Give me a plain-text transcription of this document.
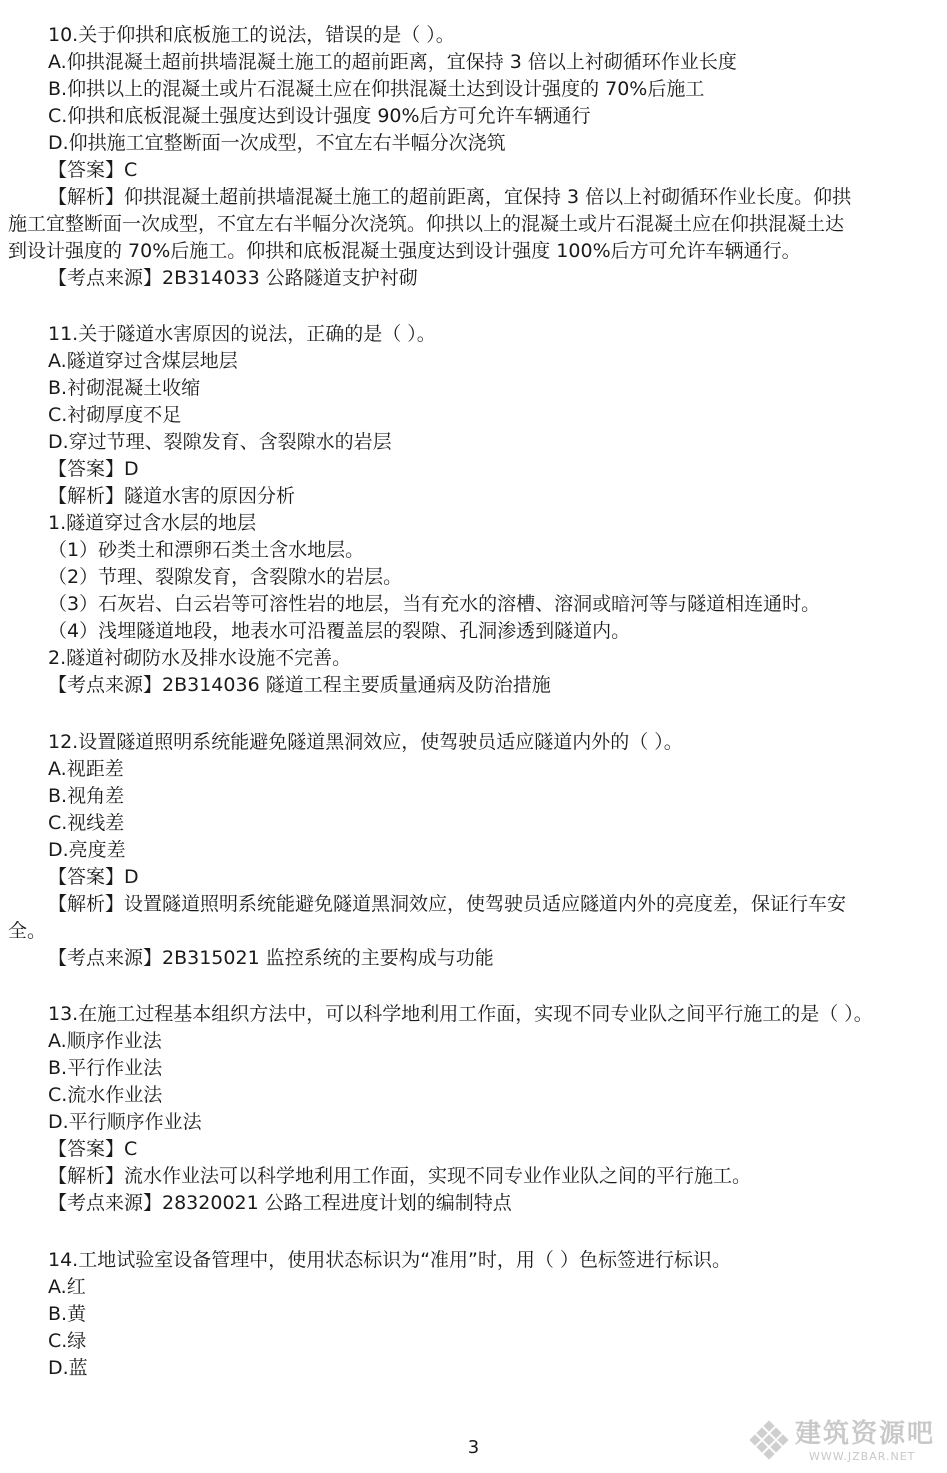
10.关于仰拱和底板施工的说法，错误的是（ ）。
A.仰拱混凝土超前拱墙混凝土施工的超前距离，宜保持 3 倍以上衬砌循环作业长度
B.仰拱以上的混凝土或片石混凝土应在仰拱混凝土达到设计强度的 70%后施工
C.仰拱和底板混凝土强度达到设计强度 90%后方可允许车辆通行
D.仰拱施工宜整断面一次成型，不宜左右半幅分次浇筑
【答案】C
【解析】仰拱混凝土超前拱墙混凝土施工的超前距离，宜保持 3 倍以上衬砌循环作业长度。仰拱
施工宜整断面一次成型，不宜左右半幅分次浇筑。仰拱以上的混凝土或片石混凝土应在仰拱混凝土达
到设计强度的 70%后施工。仰拱和底板混凝土强度达到设计强度 100%后方可允许车辆通行。
【考点来源】2B314033 公路隧道支护衬砌
11.关于隧道水害原因的说法，正确的是（ ）。
A.隧道穿过含煤层地层
B.衬砌混凝土收缩
C.衬砌厚度不足
D.穿过节理、裂隙发育、含裂隙水的岩层
【答案】D
【解析】隧道水害的原因分析
1.隧道穿过含水层的地层
（1）砂类土和漂卵石类土含水地层。
（2）节理、裂隙发育，含裂隙水的岩层。
（3）石灰岩、白云岩等可溶性岩的地层，当有充水的溶槽、溶洞或暗河等与隧道相连通时。
（4）浅埋隧道地段，地表水可沿覆盖层的裂隙、孔洞渗透到隧道内。
2.隧道衬砌防水及排水设施不完善。
【考点来源】2B314036 隧道工程主要质量通病及防治措施
12.设置隧道照明系统能避免隧道黑洞效应，使驾驶员适应隧道内外的（ ）。
A.视距差
B.视角差
C.视线差
D.亮度差
【答案】D
【解析】设置隧道照明系统能避免隧道黑洞效应，使驾驶员适应隧道内外的亮度差，保证行车安
全。
【考点来源】2B315021 监控系统的主要构成与功能
13.在施工过程基本组织方法中，可以科学地利用工作面，实现不同专业队之间平行施工的是（ ）。
A.顺序作业法
B.平行作业法
C.流水作业法
D.平行顺序作业法
【答案】C
【解析】流水作业法可以科学地利用工作面，实现不同专业作业队之间的平行施工。
【考点来源】28320021 公路工程进度计划的编制特点
14.工地试验室设备管理中，使用状态标识为“准用”时，用（ ）色标签进行标识。
A.红
B.黄
C.绿
D.蓝
3	建筑资源吧
WWW.JZBAR.NET
